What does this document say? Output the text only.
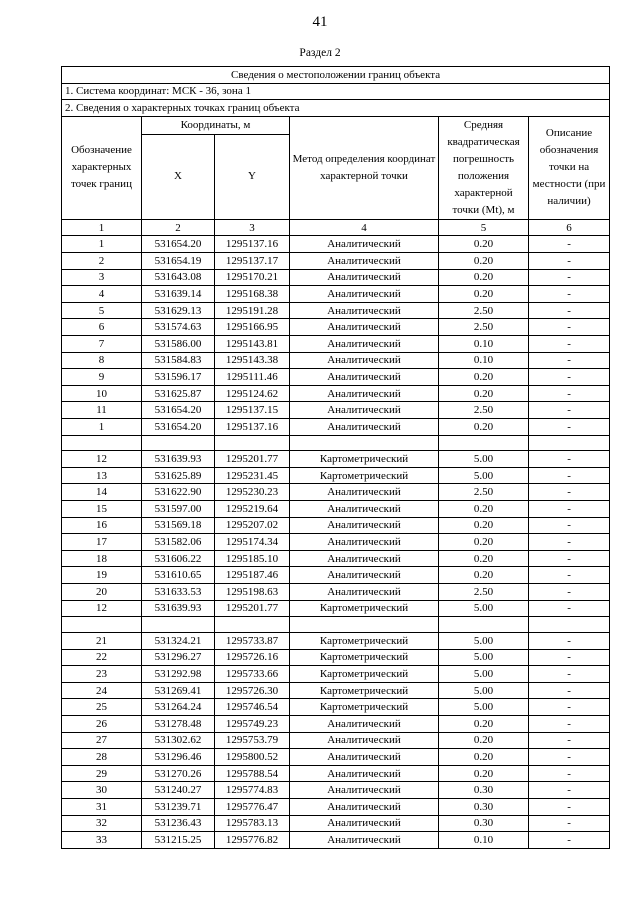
41
Раздел 2
Сведения о местоположении границ объекта					
1. Система координат: МСК - 36, зона 1					
2. Сведения о характерных точках границ объекта					
Обозначение характерных точек границ	Координаты, м		Метод определения координат характерной точки	Средняя квадратическая погрешность положения характерной точки (Mt), м	Описание обозначения точки на местности (при наличии)
	X	Y			
1	2	3	4	5	6
1	531654.20	1295137.16	Аналитический	0.20	-
2	531654.19	1295137.17	Аналитический	0.20	-
3	531643.08	1295170.21	Аналитический	0.20	-
4	531639.14	1295168.38	Аналитический	0.20	-
5	531629.13	1295191.28	Аналитический	2.50	-
6	531574.63	1295166.95	Аналитический	2.50	-
7	531586.00	1295143.81	Аналитический	0.10	-
8	531584.83	1295143.38	Аналитический	0.10	-
9	531596.17	1295111.46	Аналитический	0.20	-
10	531625.87	1295124.62	Аналитический	0.20	-
11	531654.20	1295137.15	Аналитический	2.50	-
1	531654.20	1295137.16	Аналитический	0.20	-

12	531639.93	1295201.77	Картометрический	5.00	-
13	531625.89	1295231.45	Картометрический	5.00	-
14	531622.90	1295230.23	Аналитический	2.50	-
15	531597.00	1295219.64	Аналитический	0.20	-
16	531569.18	1295207.02	Аналитический	0.20	-
17	531582.06	1295174.34	Аналитический	0.20	-
18	531606.22	1295185.10	Аналитический	0.20	-
19	531610.65	1295187.46	Аналитический	0.20	-
20	531633.53	1295198.63	Аналитический	2.50	-
12	531639.93	1295201.77	Картометрический	5.00	-

21	531324.21	1295733.87	Картометрический	5.00	-
22	531296.27	1295726.16	Картометрический	5.00	-
23	531292.98	1295733.66	Картометрический	5.00	-
24	531269.41	1295726.30	Картометрический	5.00	-
25	531264.24	1295746.54	Картометрический	5.00	-
26	531278.48	1295749.23	Аналитический	0.20	-
27	531302.62	1295753.79	Аналитический	0.20	-
28	531296.46	1295800.52	Аналитический	0.20	-
29	531270.26	1295788.54	Аналитический	0.20	-
30	531240.27	1295774.83	Аналитический	0.30	-
31	531239.71	1295776.47	Аналитический	0.30	-
32	531236.43	1295783.13	Аналитический	0.30	-
33	531215.25	1295776.82	Аналитический	0.10	-
